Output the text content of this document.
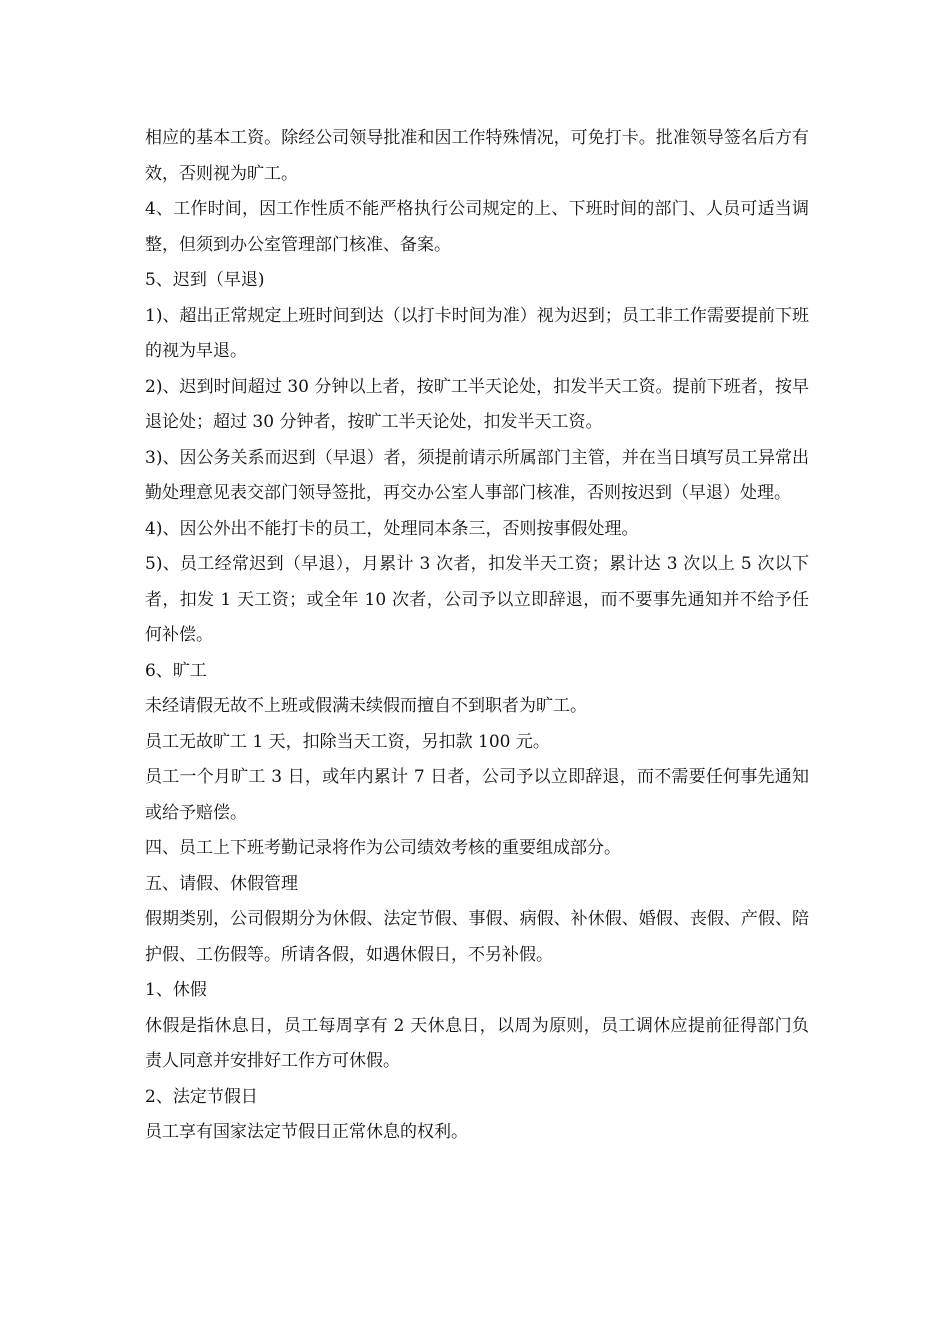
相应的基本工资。除经公司领导批准和因工作特殊情况，可免打卡。批准领导签名后方有效，否则视为旷工。

4、工作时间，因工作性质不能严格执行公司规定的上、下班时间的部门、人员可适当调整，但须到办公室管理部门核准、备案。

5、迟到（早退)

1)、超出正常规定上班时间到达（以打卡时间为准）视为迟到；员工非工作需要提前下班的视为早退。

2)、迟到时间超过 30 分钟以上者，按旷工半天论处，扣发半天工资。提前下班者，按早退论处；超过 30 分钟者，按旷工半天论处，扣发半天工资。

3)、因公务关系而迟到（早退）者，须提前请示所属部门主管，并在当日填写员工异常出勤处理意见表交部门领导签批，再交办公室人事部门核准，否则按迟到（早退）处理。

4)、因公外出不能打卡的员工，处理同本条三，否则按事假处理。

5)、员工经常迟到（早退），月累计 3 次者，扣发半天工资；累计达 3 次以上 5 次以下者，扣发 1 天工资；或全年 10 次者，公司予以立即辞退，而不要事先通知并不给予任何补偿。

6、旷工

未经请假无故不上班或假满未续假而擅自不到职者为旷工。

员工无故旷工 1 天，扣除当天工资，另扣款 100 元。

员工一个月旷工 3 日，或年内累计 7 日者，公司予以立即辞退，而不需要任何事先通知或给予赔偿。

四、员工上下班考勤记录将作为公司绩效考核的重要组成部分。

五、请假、休假管理

假期类别，公司假期分为休假、法定节假、事假、病假、补休假、婚假、丧假、产假、陪护假、工伤假等。所请各假，如遇休假日，不另补假。

1、休假

休假是指休息日，员工每周享有 2 天休息日，以周为原则，员工调休应提前征得部门负责人同意并安排好工作方可休假。

2、法定节假日

员工享有国家法定节假日正常休息的权利。
